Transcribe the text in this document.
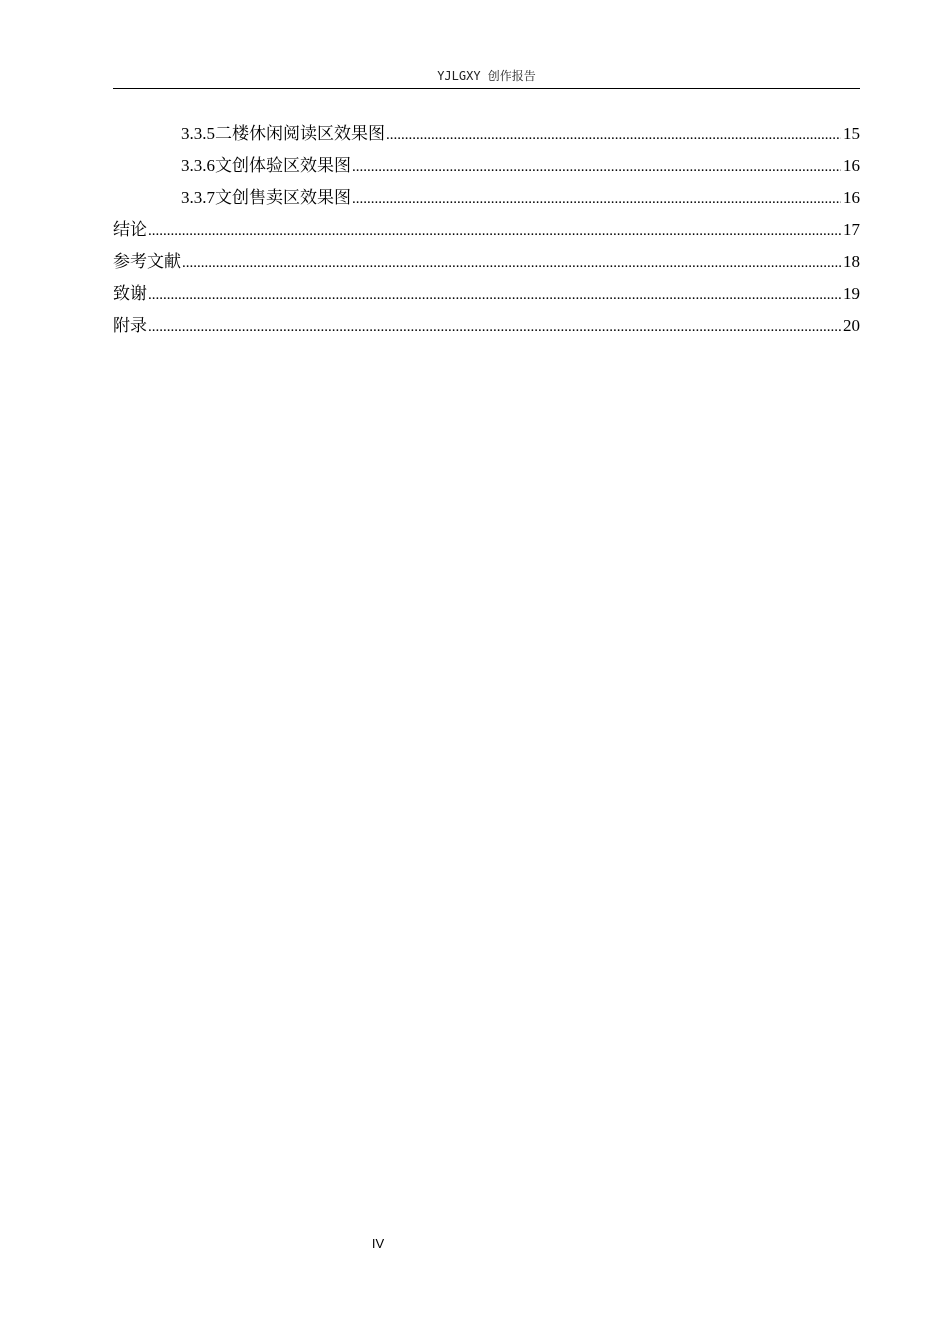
YJLGXY 创作报告
3.3.5 二楼休闲阅读区效果图 .....	15
3.3.6 文创体验区效果图 .....	16
3.3.7 文创售卖区效果图 .....	16
结论 .....	17
参考文献 .....	18
致谢 .....	19
附录 .....	20
IV
